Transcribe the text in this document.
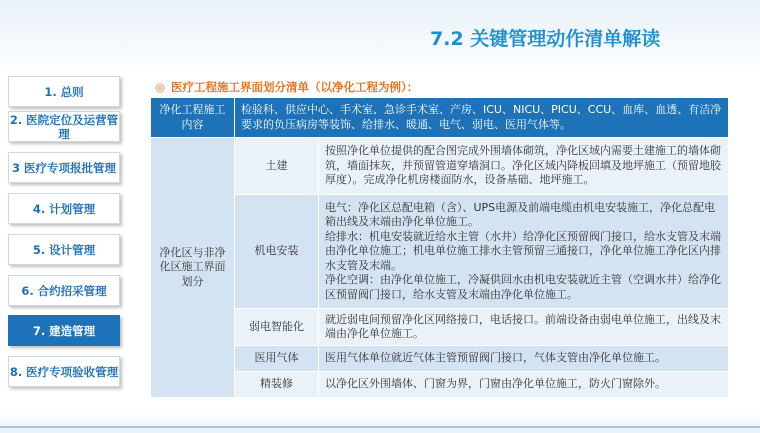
7.2 关键管理动作清单解读
1. 总则
2. 医院定位及运营管理
3 医疗专项报批管理
4. 计划管理
5. 设计管理
6. 合约招采管理
7. 建造管理
8. 医疗专项验收管理
◎ 医疗工程施工界面划分清单（以净化工程为例）：
净化工程施工内容	检验科、供应中心、手术室、急诊手术室、产房、ICU、NICU、PICU、CCU、血库、血透、有洁净要求的负压病房等装饰、给排水、暖通、电气、弱电、医用气体等。	
净化区与非净化区施工界面划分	土建	按照净化单位提供的配合图完成外围墙体砌筑，净化区域内需要土建施工的墙体砌筑，墙面抹灰，并预留管道穿墙洞口。净化区域内降板回填及地坪施工（预留地胶厚度）。完成净化机房楼面防水，设备基础、地坪施工。

	机电安装	电气：净化区总配电箱（含）、UPS电源及前端电缆由机电安装施工，净化总配电箱出线及末端由净化单位施工。
给排水：机电安装就近给水主管（水井）给净化区预留阀门接口，给水支管及末端由净化单位施工；机电单位施工排水主管预留三通接口，净化单位施工净化区内排水支管及末端。
净化空调：由净化单位施工，冷凝供回水由机电安装就近主管（空调水井）给净化区预留阀门接口，给水支管及末端由净化单位施工。

	弱电智能化	就近弱电间预留净化区网络接口，电话接口。前端设备由弱电单位施工，出线及末端由净化单位施工。

	医用气体	医用气体单位就近气体主管预留阀门接口，气体支管由净化单位施工。

	精装修	以净化区外围墙体、门窗为界，门窗由净化单位施工，防火门窗除外。
